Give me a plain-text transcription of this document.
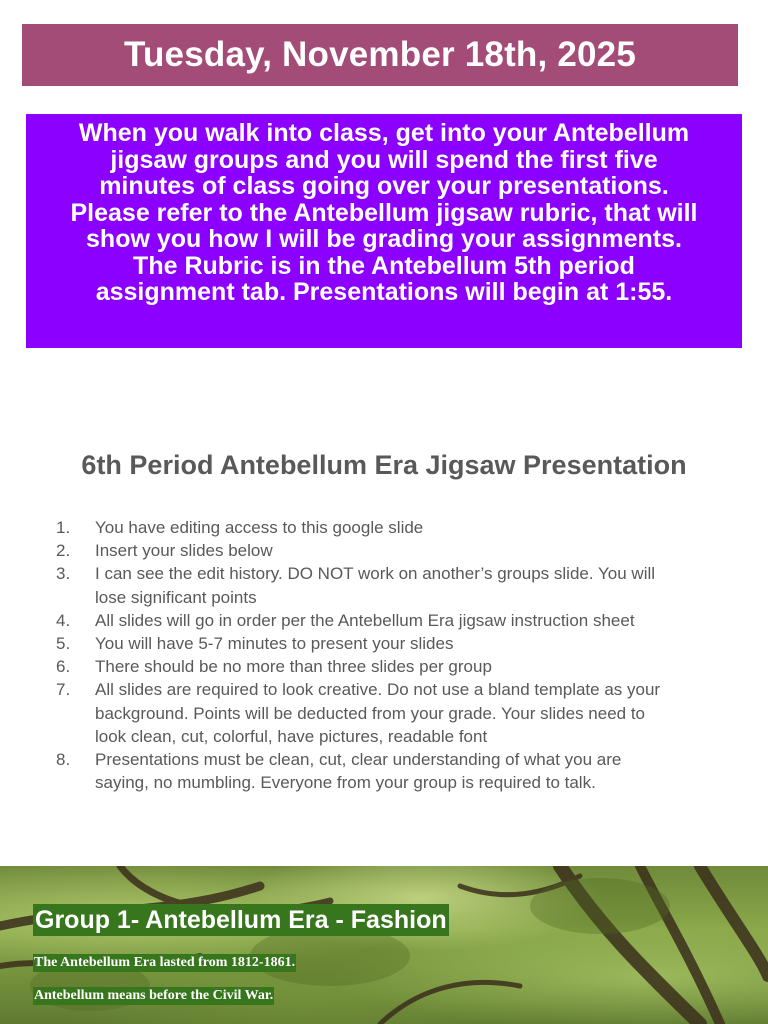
Tuesday, November 18th, 2025
When you walk into class, get into your Antebellum
jigsaw groups and you will spend the first five
minutes of class going over your presentations.
Please refer to the Antebellum jigsaw rubric, that will
show you how I will be grading your assignments.
The Rubric is in the Antebellum 5th period
assignment tab. Presentations will begin at 1:55.
6th Period Antebellum Era Jigsaw Presentation
1.	You have editing access to this google slide
2.	Insert your slides below
3.	I can see the edit history. DO NOT work on another’s groups slide. You will
lose significant points
4.	All slides will go in order per the Antebellum Era jigsaw instruction sheet
5.	You will have 5-7 minutes to present your slides
6.	There should be no more than three slides per group
7.	All slides are required to look creative. Do not use a bland template as your
background. Points will be deducted from your grade. Your slides need to
look clean, cut, colorful, have pictures, readable font
8.	Presentations must be clean, cut, clear understanding of what you are
saying, no mumbling. Everyone from your group is required to talk.
Group 1- Antebellum Era - Fashion
The Antebellum Era lasted from 1812-1861.
Antebellum means before the Civil War.
